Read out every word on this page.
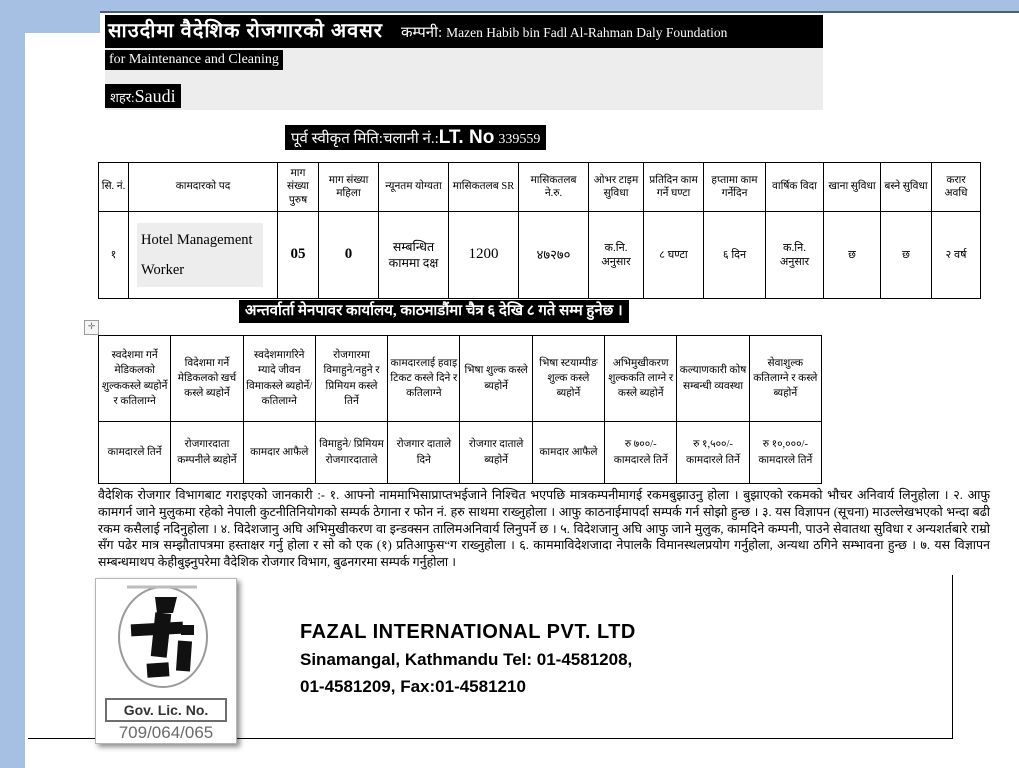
साउदीमा वैदेशिक रोजगारको अवसर कम्पनी: Mazen Habib bin Fadl Al-Rahman Daly Foundation
for Maintenance and Cleaning
शहर:Saudi
पूर्व स्वीकृत मिति:चलानी नं.:LT. No 339559
सि. नं.	कामदारको पद	माग संख्या पुरुष	माग संख्या महिला	न्यूनतम योग्यता	मासिकतलब SR	मासिकतलब ने.रु.	ओभर टाइम सुविधा	प्रतिदिन काम गर्ने घण्टा	हप्तामा काम गर्नेदिन	वार्षिक विदा	खाना सुविधा	बस्ने सुविधा	करार अवधि
१	Hotel Management Worker	05	0	सम्बन्धित काममा दक्ष	1200	४७२७०	क.नि. अनुसार	८ घण्टा	६ दिन	क.नि. अनुसार	छ	छ	२ वर्ष
अन्तर्वार्ता मेनपावर कार्यालय, काठमाडौंमा चैत्र ६ देखि ८ गते सम्म हुनेछ ।
✛
स्वदेशमा गर्ने मेडिकलको शुल्ककस्ले ब्यहोर्ने र कतिलाग्ने	विदेशमा गर्ने मेडिकलको खर्च कस्ले ब्यहोर्ने	स्वदेशमागरिने म्यादे जीवन विमाकस्ले ब्यहोर्ने/कतिलाग्ने	रोजगारमा विमाहुने/नहुने र प्रिमियम कस्ले तिर्ने	कामदारलाई हवाइ टिकट कस्ले दिने र कतिलाग्ने	भिषा शुल्क कस्ले ब्यहोर्ने	भिषा स्टयाम्पीङ शुल्क कस्ले ब्यहोर्ने	अभिमुखीकरण शुल्ककति लाग्ने र कस्ले ब्यहोर्ने	कल्याणकारी कोष सम्बन्धी व्यवस्था	सेवाशुल्क कतिलाग्ने र कस्ले ब्यहोर्ने
कामदारले तिर्ने	रोजगारदाता कम्पनीले ब्यहोर्ने	कामदार आफैले	विमाहुने/ प्रिमियम रोजगारदाताले	रोजगार दाताले दिने	रोजगार दाताले ब्यहोर्ने	कामदार आफैले	रु ७००/- कामदारले तिर्ने	रु १,५००/- कामदारले तिर्ने	रु १०,०००/- कामदारले तिर्ने
वैदेशिक रोजगार विभागबाट गराइएको जानकारी :- १. आफ्नो नाममाभिसाप्राप्तभईजाने निश्चित भएपछि मात्रकम्पनीमागई रकमबुझाउनु होला । बुझाएको रकमको भौचर अनिवार्य लिनुहोला । २. आफु कामगर्न जाने मुलुकमा रहेको नेपाली कुटनीतिनियोगको सम्पर्क ठेगाना र फोन नं. हरु साथमा राख्नुहोला । आफु काठनाईमापर्दा सम्पर्क गर्न सोझो हुन्छ । ३. यस विज्ञापन (सूचना) माउल्लेखभएको भन्दा बढी रकम कसैलाई नदिनुहोला । ४. विदेशजानु अघि अभिमुखीकरण वा इन्डक्सन तालिमअनिवार्य लिनुपर्ने छ । ५. विदेशजानु अघि आफु जाने मुलुक, कामदिने कम्पनी, पाउने सेवातथा सुविधा र अन्यशर्तबारे राम्रो सँग पढेर मात्र सम्झौतापत्रमा हस्ताक्षर गर्नु होला र सो को एक (१) प्रतिआफुस“ग राख्नुहोला । ६. काममाविदेशजादा नेपालकै विमानस्थलप्रयोग गर्नुहोला, अन्यथा ठगिने सम्भावना हुन्छ । ७. यस विज्ञापन सम्बन्धमाथप केहीबुझ्नुपरेमा वैदेशिक रोजगार विभाग, बुढनगरमा सम्पर्क गर्नुहोला ।
Gov. Lic. No.
709/064/065
FAZAL INTERNATIONAL PVT. LTD
Sinamangal, Kathmandu Tel: 01-4581208,
01-4581209, Fax:01-4581210
